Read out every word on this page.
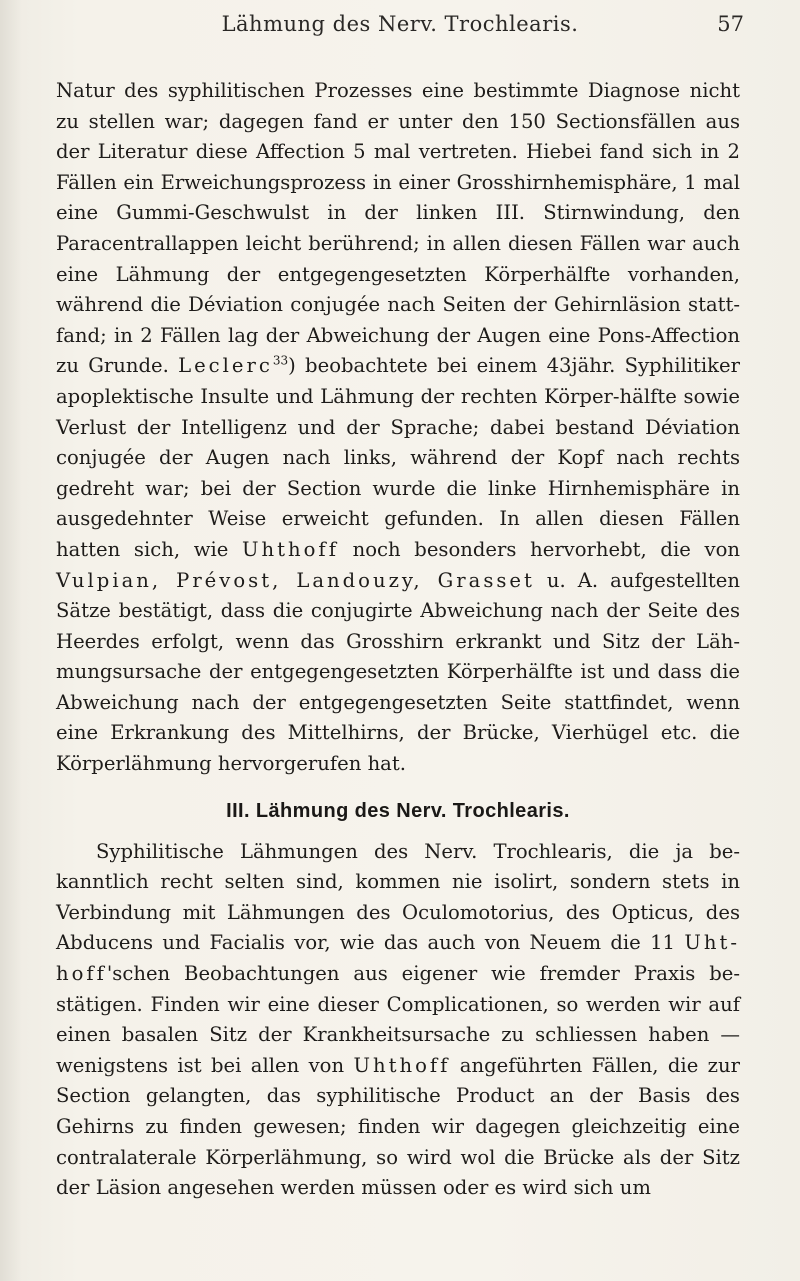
Lähmung des Nerv. Trochlearis.	57

Natur des syphilitischen Prozesses eine bestimmte Diagnose nicht zu stellen war; dagegen fand er unter den 150 Sectionsfällen aus der Literatur diese Affection 5 mal vertreten. Hiebei fand sich in 2 Fällen ein Erweichungsprozess in einer Grosshirnhemisphäre, 1 mal eine Gummi-Geschwulst in der linken III. Stirnwindung, den Paracentrallappen leicht berührend; in allen diesen Fällen war auch eine Lähmung der entgegengesetzten Körperhälfte vorhanden, während die Déviation conjugée nach Seiten der Gehirnläsion statt-fand; in 2 Fällen lag der Abweichung der Augen eine Pons-Affection zu Grunde. Leclerc$^{33}$) beobachtete bei einem 43jähr. Syphilitiker apoplektische Insulte und Lähmung der rechten Körper-hälfte sowie Verlust der Intelligenz und der Sprache; dabei bestand Déviation conjugée der Augen nach links, während der Kopf nach rechts gedreht war; bei der Section wurde die linke Hirnhemisphäre in ausgedehnter Weise erweicht gefunden. In allen diesen Fällen hatten sich, wie Uhthoff noch besonders hervorhebt, die von Vulpian, Prévost, Landouzy, Grasset u. A. aufgestellten Sätze bestätigt, dass die conjugirte Abweichung nach der Seite des Heerdes erfolgt, wenn das Grosshirn erkrankt und Sitz der Läh-mungsursache der entgegengesetzten Körperhälfte ist und dass die Abweichung nach der entgegengesetzten Seite stattfindet, wenn eine Erkrankung des Mittelhirns, der Brücke, Vierhügel etc. die Körperlähmung hervorgerufen hat.

III. Lähmung des Nerv. Trochlearis.

Syphilitische Lähmungen des Nerv. Trochlearis, die ja be-kanntlich recht selten sind, kommen nie isolirt, sondern stets in Verbindung mit Lähmungen des Oculomotorius, des Opticus, des Abducens und Facialis vor, wie das auch von Neuem die 11 Uht-hoff'schen Beobachtungen aus eigener wie fremder Praxis be-stätigen. Finden wir eine dieser Complicationen, so werden wir auf einen basalen Sitz der Krankheitsursache zu schliessen haben — wenigstens ist bei allen von Uhthoff angeführten Fällen, die zur Section gelangten, das syphilitische Product an der Basis des Gehirns zu finden gewesen; finden wir dagegen gleichzeitig eine contralaterale Körperlähmung, so wird wol die Brücke als der Sitz der Läsion angesehen werden müssen oder es wird sich um
